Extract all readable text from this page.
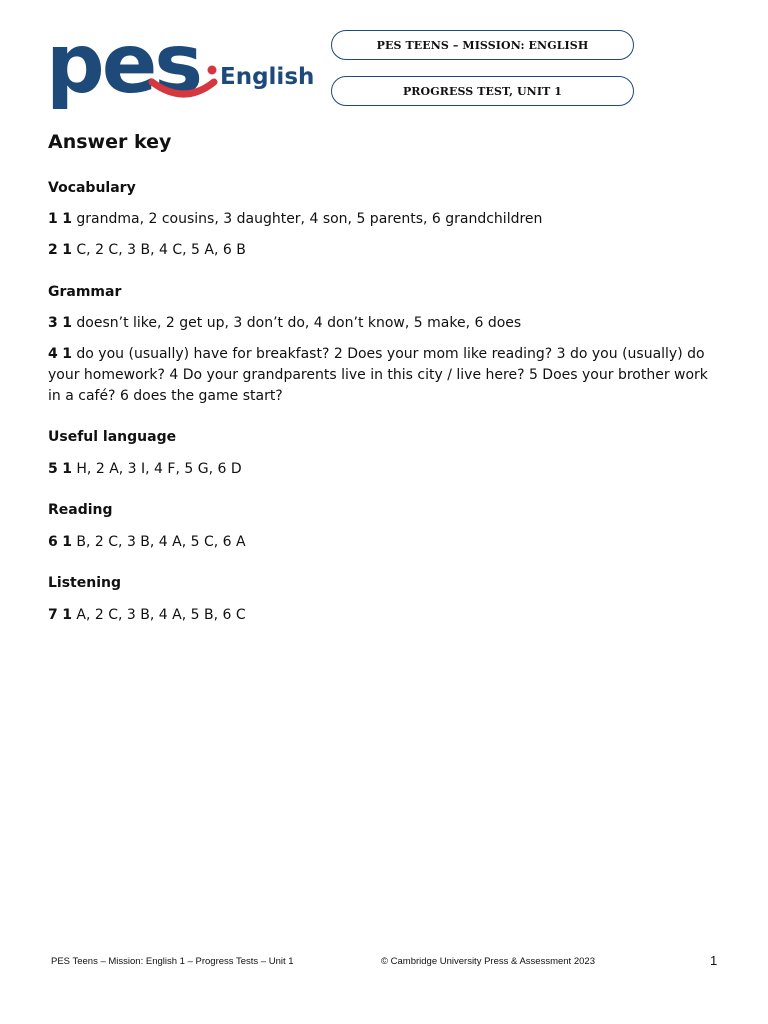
pes English
PES TEENS – MISSION: ENGLISH
PROGRESS TEST, UNIT 1
Answer key
Vocabulary
1 1 grandma, 2 cousins, 3 daughter, 4 son, 5 parents, 6 grandchildren
2 1 C, 2 C, 3 B, 4 C, 5 A, 6 B
Grammar
3 1 doesn’t like, 2 get up, 3 don’t do, 4 don’t know, 5 make, 6 does
4 1 do you (usually) have for breakfast? 2 Does your mom like reading? 3 do you (usually) do your homework? 4 Do your grandparents live in this city / live here? 5 Does your brother work in a café? 6 does the game start?
Useful language
5 1 H, 2 A, 3 I, 4 F, 5 G, 6 D
Reading
6 1 B, 2 C, 3 B, 4 A, 5 C, 6 A
Listening
7 1 A, 2 C, 3 B, 4 A, 5 B, 6 C
PES Teens – Mission: English 1 – Progress Tests – Unit 1	© Cambridge University Press & Assessment 2023	1
